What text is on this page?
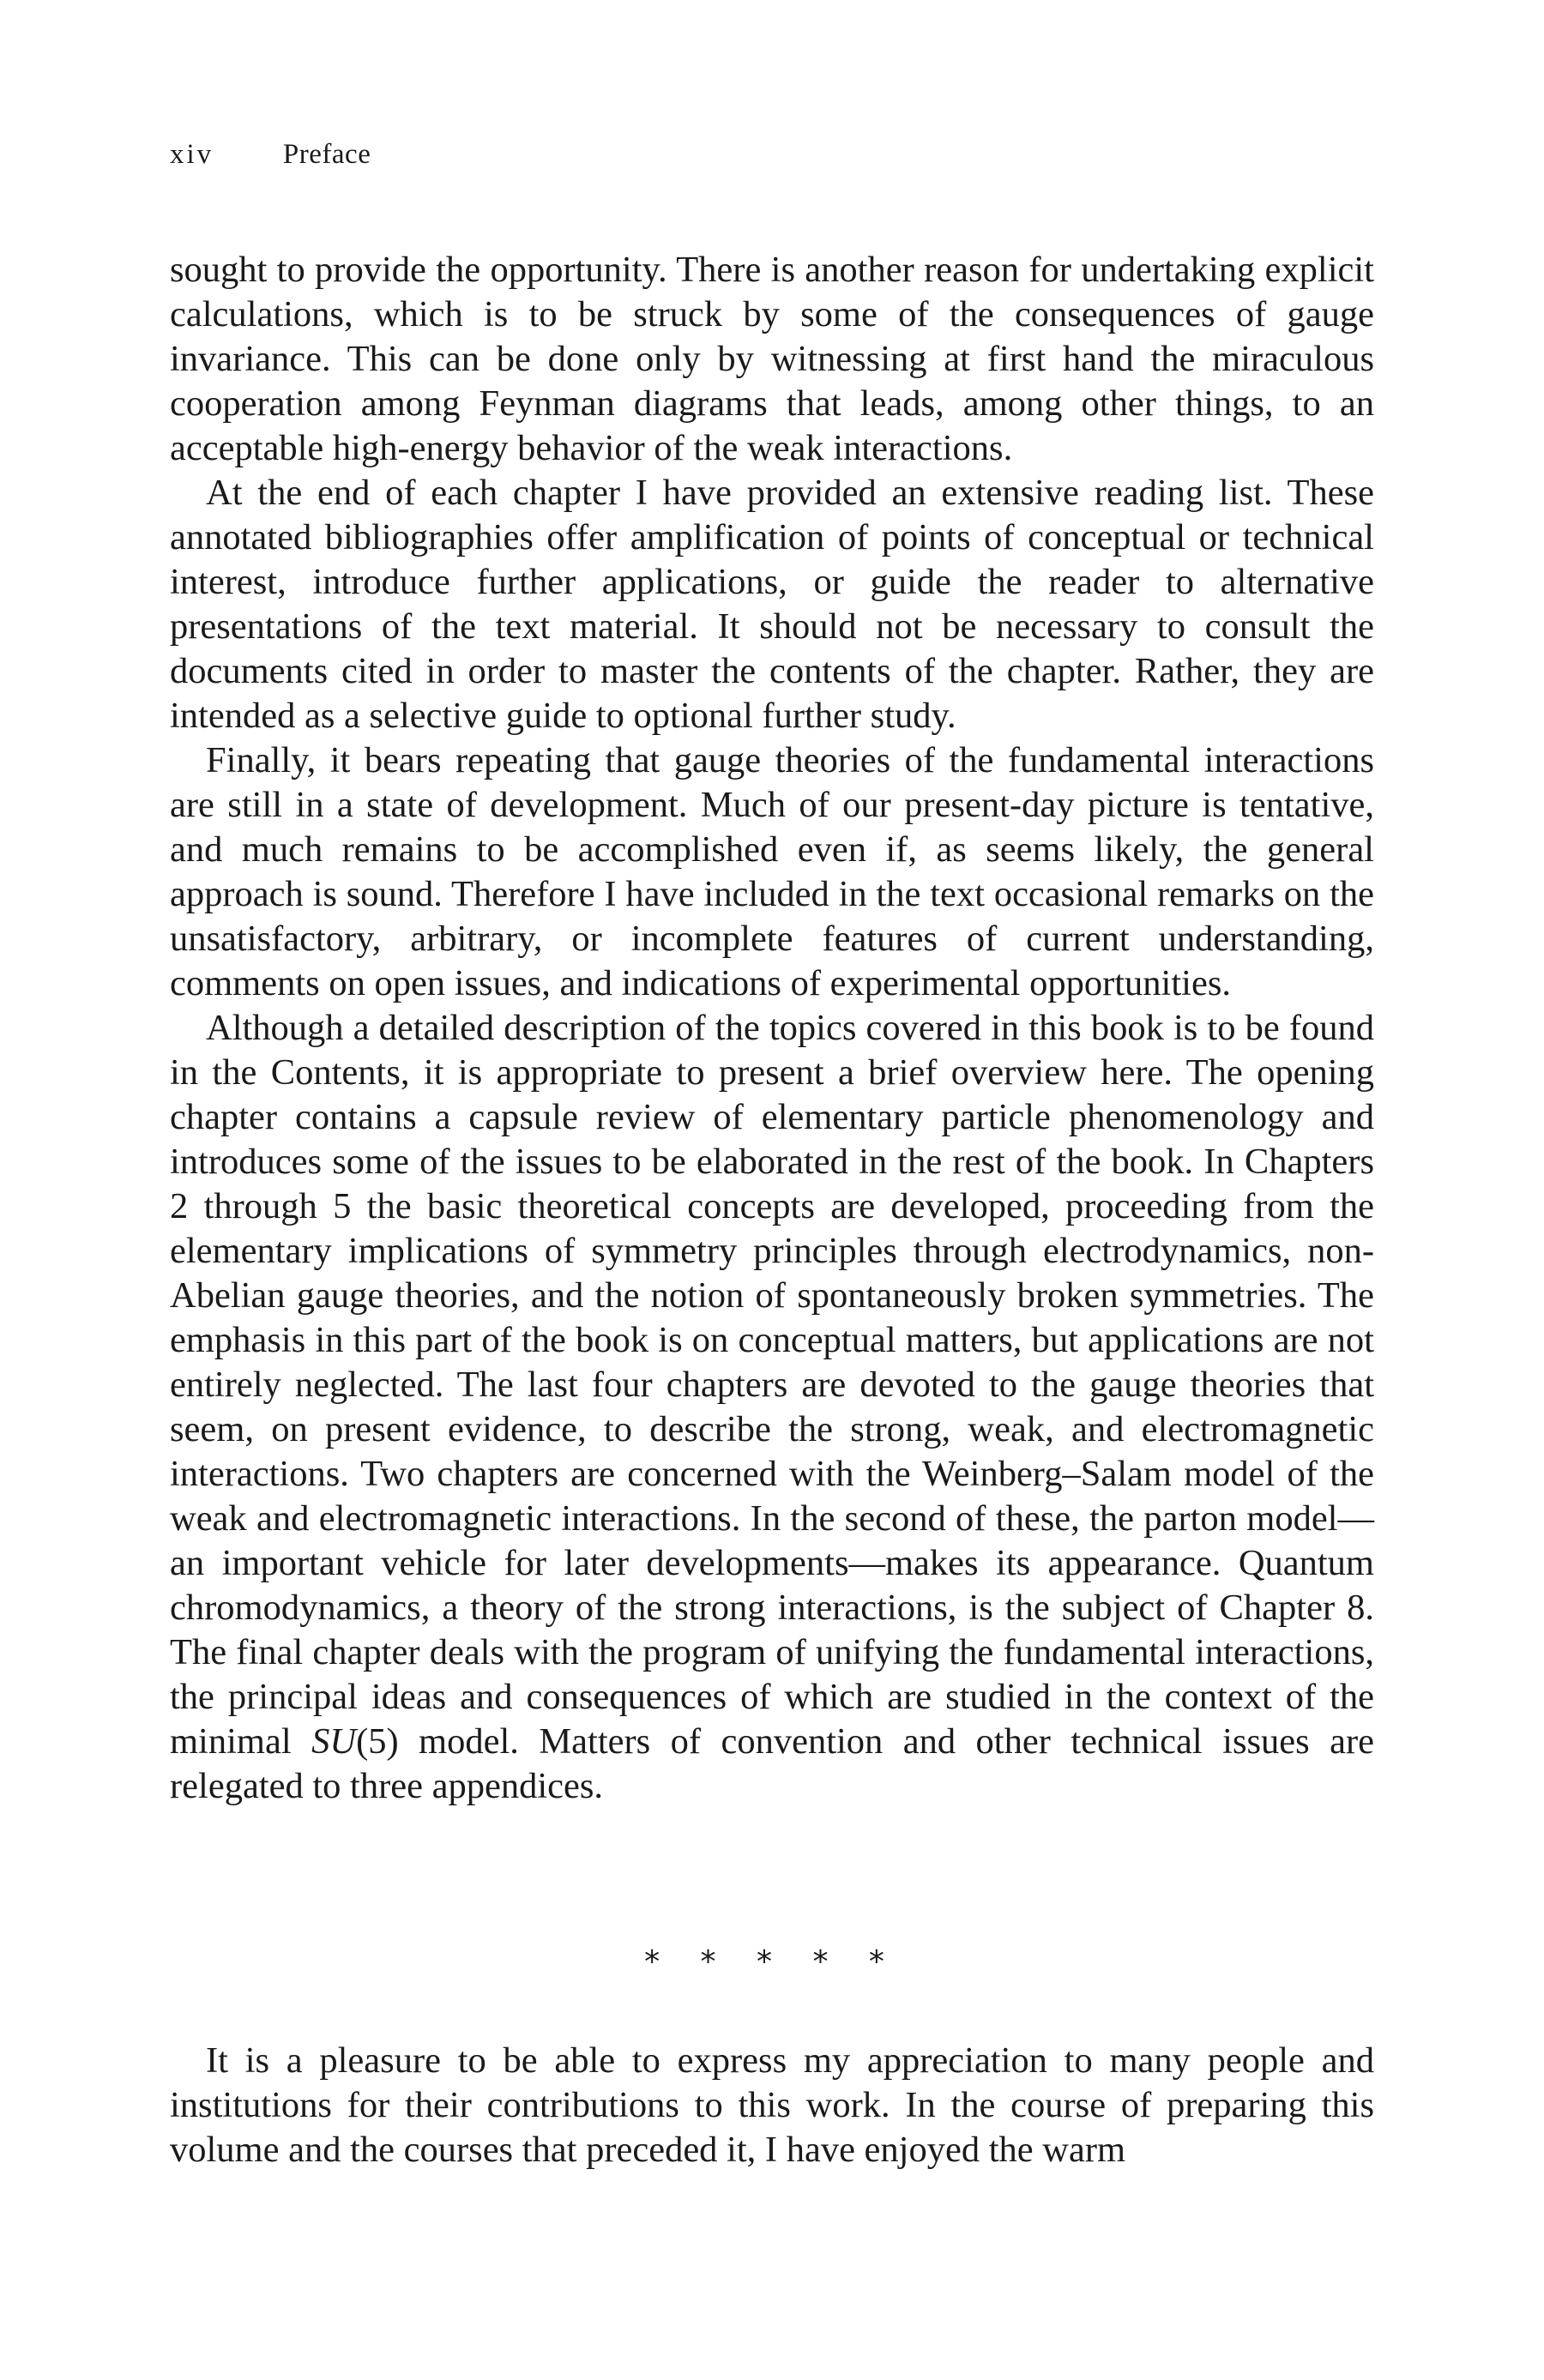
xiv Preface

sought to provide the opportunity. There is another reason for undertaking explicit calculations, which is to be struck by some of the consequences of gauge invariance. This can be done only by witnessing at first hand the miraculous cooperation among Feynman diagrams that leads, among other things, to an acceptable high-energy behavior of the weak interactions.

At the end of each chapter I have provided an extensive reading list. These annotated bibliographies offer amplification of points of conceptual or technical interest, introduce further applications, or guide the reader to alternative presentations of the text material. It should not be necessary to consult the documents cited in order to master the contents of the chapter. Rather, they are intended as a selective guide to optional further study.

Finally, it bears repeating that gauge theories of the fundamental interactions are still in a state of development. Much of our present-day picture is tentative, and much remains to be accomplished even if, as seems likely, the general approach is sound. Therefore I have included in the text occasional remarks on the unsatisfactory, arbitrary, or incomplete features of current understanding, comments on open issues, and indications of experimental opportunities.

Although a detailed description of the topics covered in this book is to be found in the Contents, it is appropriate to present a brief overview here. The opening chapter contains a capsule review of elementary particle phenomenology and introduces some of the issues to be elaborated in the rest of the book. In Chapters 2 through 5 the basic theoretical concepts are developed, proceeding from the elementary implications of symmetry principles through electrodynamics, non-Abelian gauge theories, and the notion of spontaneously broken symmetries. The emphasis in this part of the book is on conceptual matters, but applications are not entirely neglected. The last four chapters are devoted to the gauge theories that seem, on present evidence, to describe the strong, weak, and electromagnetic interactions. Two chapters are concerned with the Weinberg–Salam model of the weak and electromagnetic interactions. In the second of these, the parton model—an important vehicle for later developments—makes its appearance. Quantum chromodynamics, a theory of the strong interactions, is the subject of Chapter 8. The final chapter deals with the program of unifying the fundamental interactions, the principal ideas and consequences of which are studied in the context of the minimal SU(5) model. Matters of convention and other technical issues are relegated to three appendices.

* * * * *

It is a pleasure to be able to express my appreciation to many people and institutions for their contributions to this work. In the course of preparing this volume and the courses that preceded it, I have enjoyed the warm
